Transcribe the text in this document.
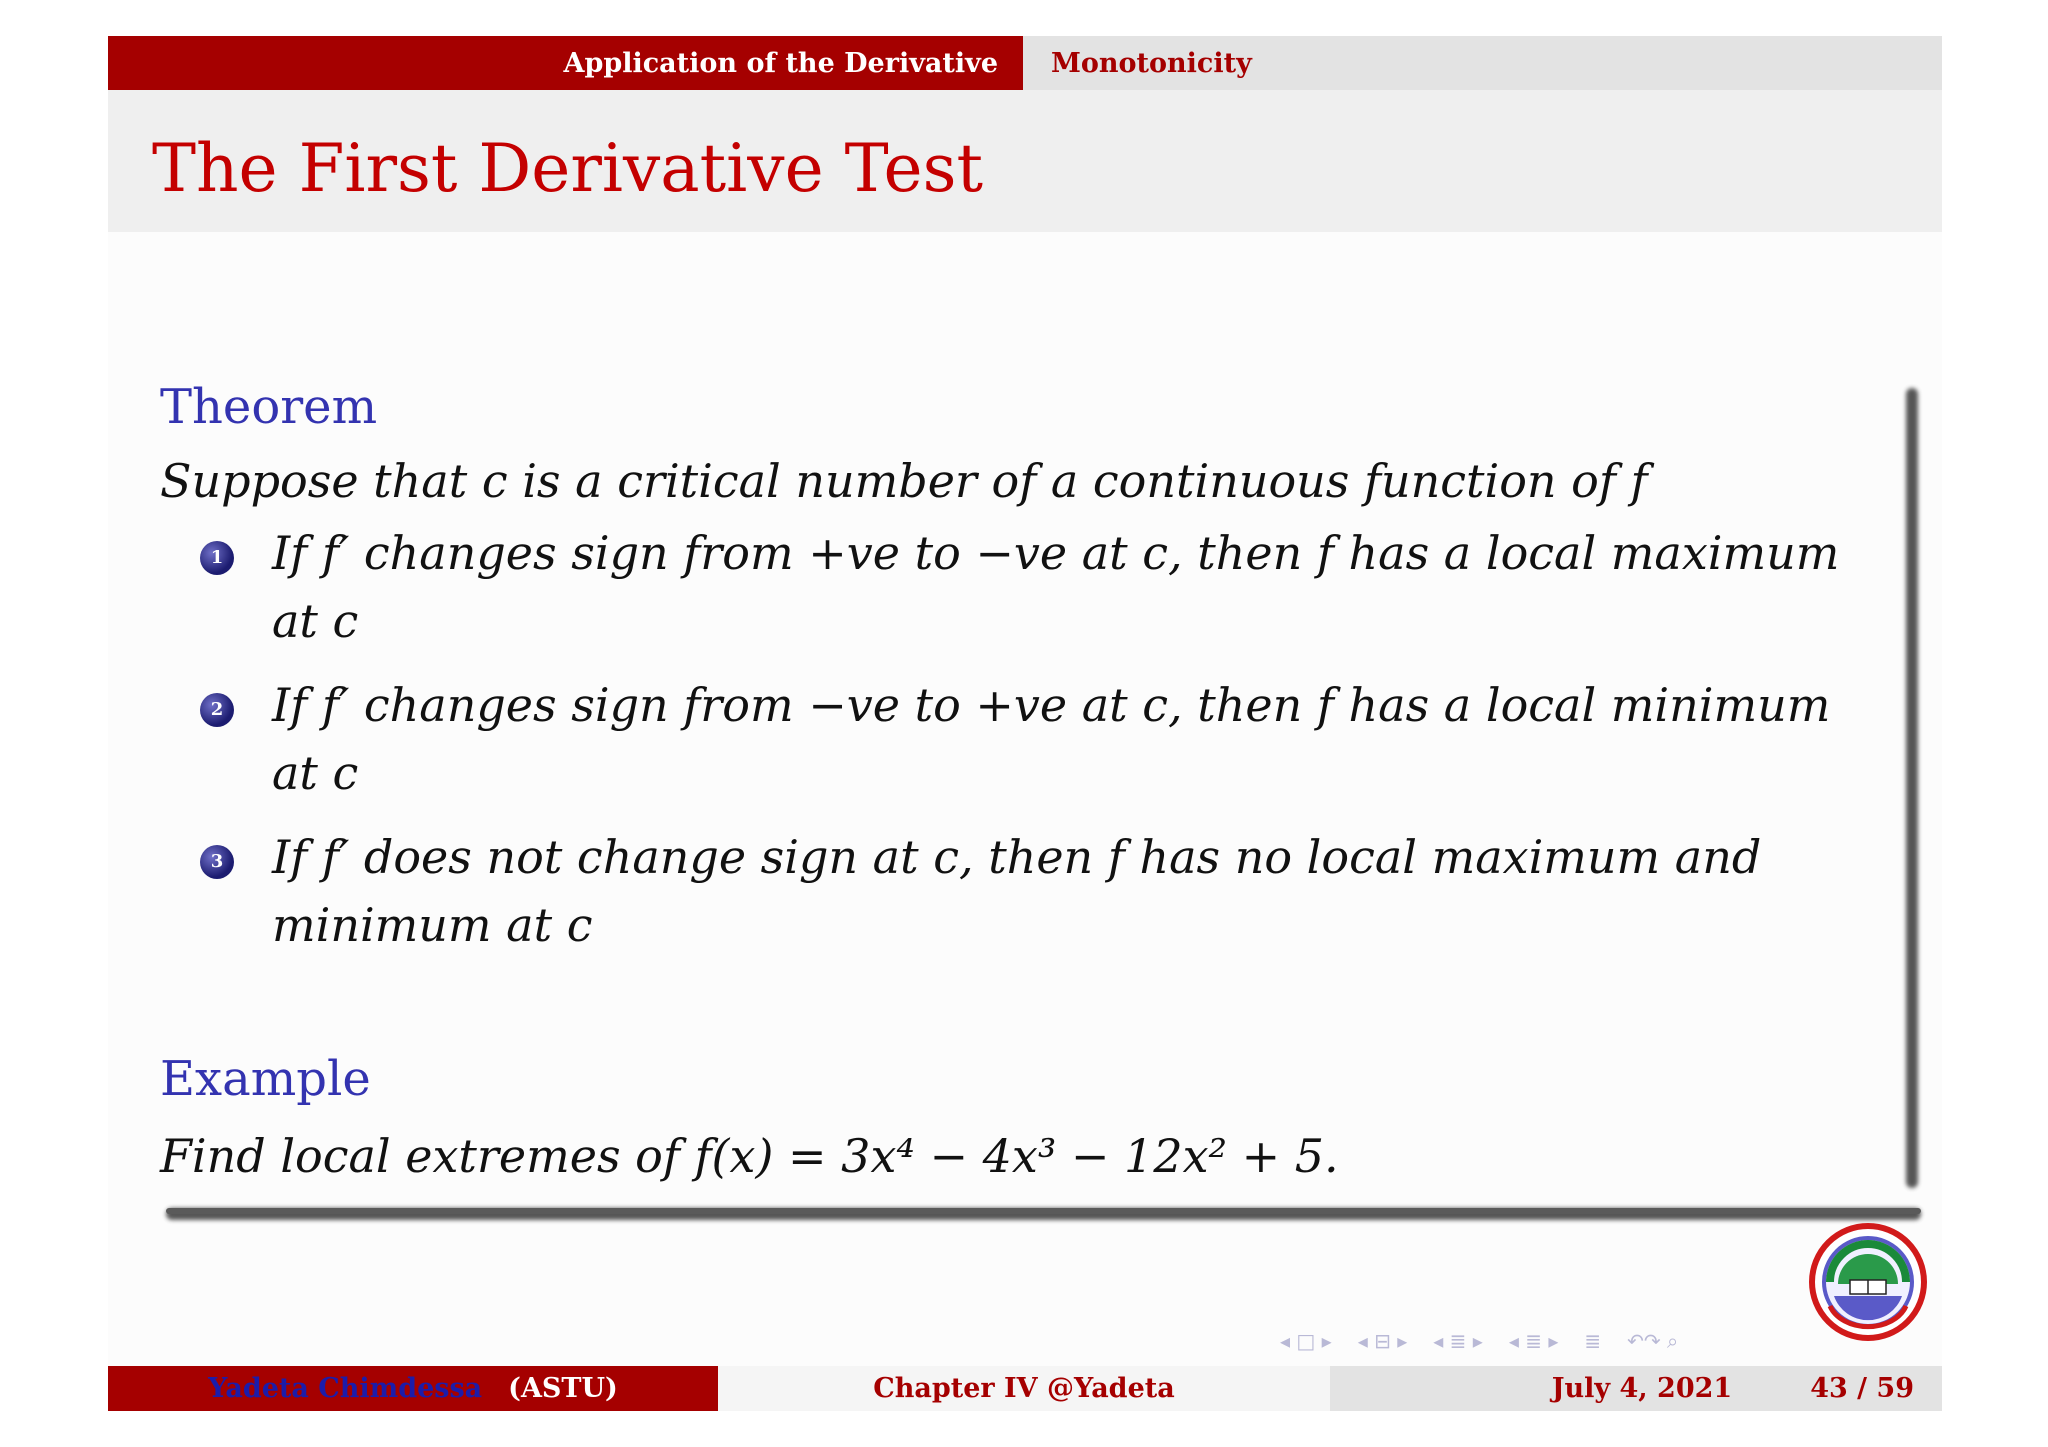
Application of the Derivative	Monotonicity
The First Derivative Test
Theorem
Suppose that c is a critical number of a continuous function of f
1 If f′ changes sign from +ve to −ve at c, then f has a local maximum at c
2 If f′ changes sign from −ve to +ve at c, then f has a local minimum at c
3 If f′ does not change sign at c, then f has no local maximum and minimum at c
Example
Find local extremes of f(x) = 3x⁴ − 4x³ − 12x² + 5.
◂ □ ▸ ◂ ⊟ ▸ ◂ ≣ ▸ ◂ ≣ ▸ ≣ ↶↷ ⌕
Yadeta Chimdessa (ASTU)	Chapter IV @Yadeta	July 4, 2021	43 / 59
